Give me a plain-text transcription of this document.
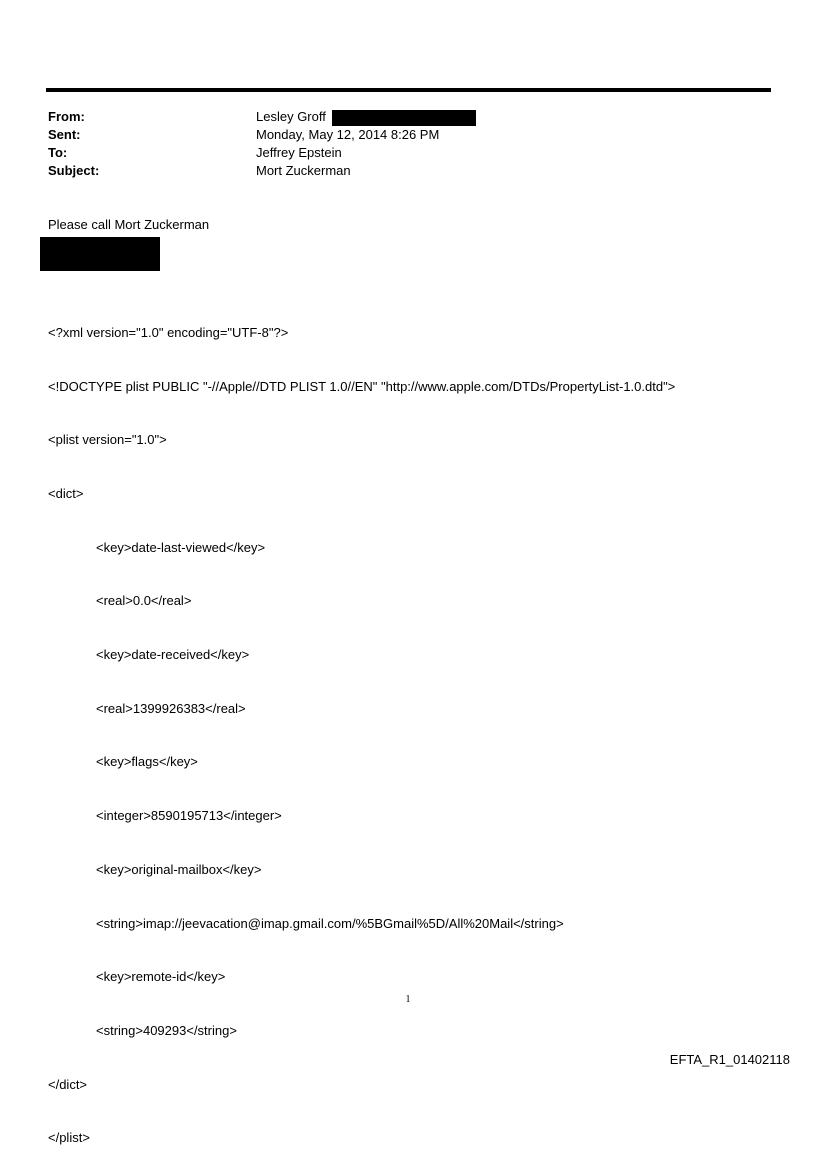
From:	Lesley Groff
Sent:	Monday, May 12, 2014 8:26 PM
To:	Jeffrey Epstein
Subject:	Mort Zuckerman
Please call Mort Zuckerman

<?xml version="1.0" encoding="UTF-8"?>

<!DOCTYPE plist PUBLIC "-//Apple//DTD PLIST 1.0//EN" "http://www.apple.com/DTDs/PropertyList-1.0.dtd">

<plist version="1.0">

<dict>

<key>date-last-viewed</key>

<real>0.0</real>

<key>date-received</key>

<real>1399926383</real>

<key>flags</key>

<integer>8590195713</integer>

<key>original-mailbox</key>

<string>imap://jeevacation@imap.gmail.com/%5BGmail%5D/All%20Mail</string>

<key>remote-id</key>

<string>409293</string>

</dict>

</plist>

1
EFTA_R1_01402118
